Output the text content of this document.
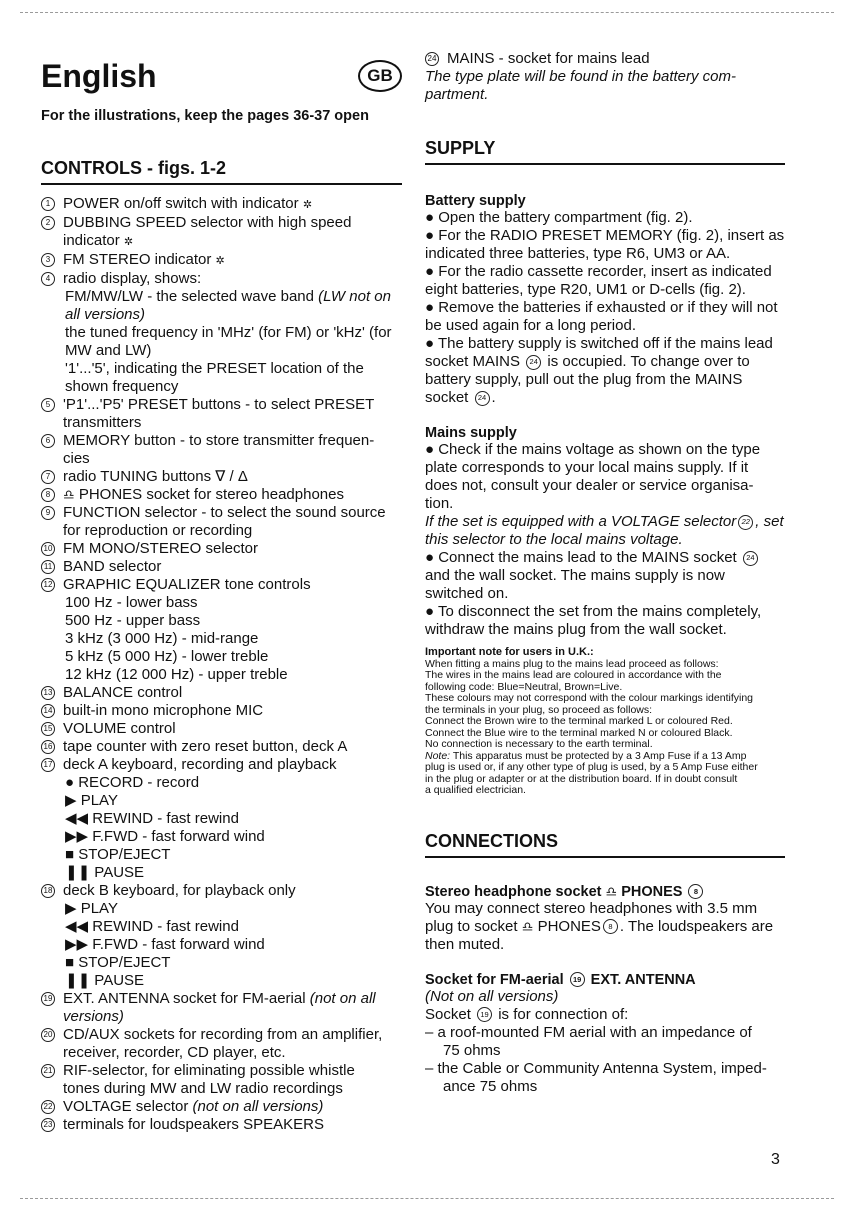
English	GB
For the illustrations, keep the pages 36-37 open
CONTROLS - figs. 1-2
1 POWER on/off switch with indicator ✲
2 DUBBING SPEED selector with high speed
indicator ✲
3 FM STEREO indicator ✲
4 radio display, shows:
FM/MW/LW - the selected wave band (LW not on
all versions)
the tuned frequency in 'MHz' (for FM) or 'kHz' (for
MW and LW)
'1'...'5', indicating the PRESET location of the
shown frequency
5 'P1'...'P5' PRESET buttons - to select PRESET
transmitters
6 MEMORY button - to store transmitter frequen-
cies
7 radio TUNING buttons ∇ / Δ
8 ♎ PHONES socket for stereo headphones
9 FUNCTION selector - to select the sound source
for reproduction or recording
10 FM MONO/STEREO selector
11 BAND selector
12 GRAPHIC EQUALIZER tone controls
100 Hz - lower bass
500 Hz - upper bass
3 kHz (3 000 Hz) - mid-range
5 kHz (5 000 Hz) - lower treble
12 kHz (12 000 Hz) - upper treble
13 BALANCE control
14 built-in mono microphone MIC
15 VOLUME control
16 tape counter with zero reset button, deck A
17 deck A keyboard, recording and playback
● RECORD - record
▶ PLAY
◀◀ REWIND - fast rewind
▶▶ F.FWD - fast forward wind
■ STOP/EJECT
❚❚ PAUSE
18 deck B keyboard, for playback only
▶ PLAY
◀◀ REWIND - fast rewind
▶▶ F.FWD - fast forward wind
■ STOP/EJECT
❚❚ PAUSE
19 EXT. ANTENNA socket for FM-aerial (not on all
versions)
20 CD/AUX sockets for recording from an amplifier,
receiver, recorder, CD player, etc.
21 RIF-selector, for eliminating possible whistle
tones during MW and LW radio recordings
22 VOLTAGE selector (not on all versions)
23 terminals for loudspeakers SPEAKERS
24 MAINS - socket for mains lead
The type plate will be found in the battery com-
partment.
SUPPLY
Battery supply
● Open the battery compartment (fig. 2).
● For the RADIO PRESET MEMORY (fig. 2), insert as
indicated three batteries, type R6, UM3 or AA.
● For the radio cassette recorder, insert as indicated
eight batteries, type R20, UM1 or D-cells (fig. 2).
● Remove the batteries if exhausted or if they will not
be used again for a long period.
● The battery supply is switched off if the mains lead
socket MAINS 24 is occupied. To change over to
battery supply, pull out the plug from the MAINS
socket 24 .
Mains supply
● Check if the mains voltage as shown on the type
plate corresponds to your local mains supply. If it
does not, consult your dealer or service organisa-
tion.
If the set is equipped with a VOLTAGE selector 22 , set
this selector to the local mains voltage.
● Connect the mains lead to the MAINS socket 24
and the wall socket. The mains supply is now
switched on.
● To disconnect the set from the mains completely,
withdraw the mains plug from the wall socket.
Important note for users in U.K.:
When fitting a mains plug to the mains lead proceed as follows:
The wires in the mains lead are coloured in accordance with the
following code: Blue=Neutral, Brown=Live.
These colours may not correspond with the colour markings identifying
the terminals in your plug, so proceed as follows:
Connect the Brown wire to the terminal marked L or coloured Red.
Connect the Blue wire to the terminal marked N or coloured Black.
No connection is necessary to the earth terminal.
Note: This apparatus must be protected by a 3 Amp Fuse if a 13 Amp
plug is used or, if any other type of plug is used, by a 5 Amp Fuse either
in the plug or adapter or at the distribution board. If in doubt consult
a qualified electrician.
CONNECTIONS
Stereo headphone socket ♎ PHONES 8
You may connect stereo headphones with 3.5 mm
plug to socket ♎ PHONES 8 . The loudspeakers are
then muted.
Socket for FM-aerial 19 EXT. ANTENNA
(Not on all versions)
Socket 19 is for connection of:
– a roof-mounted FM aerial with an impedance of
75 ohms
– the Cable or Community Antenna System, imped-
ance 75 ohms
3
